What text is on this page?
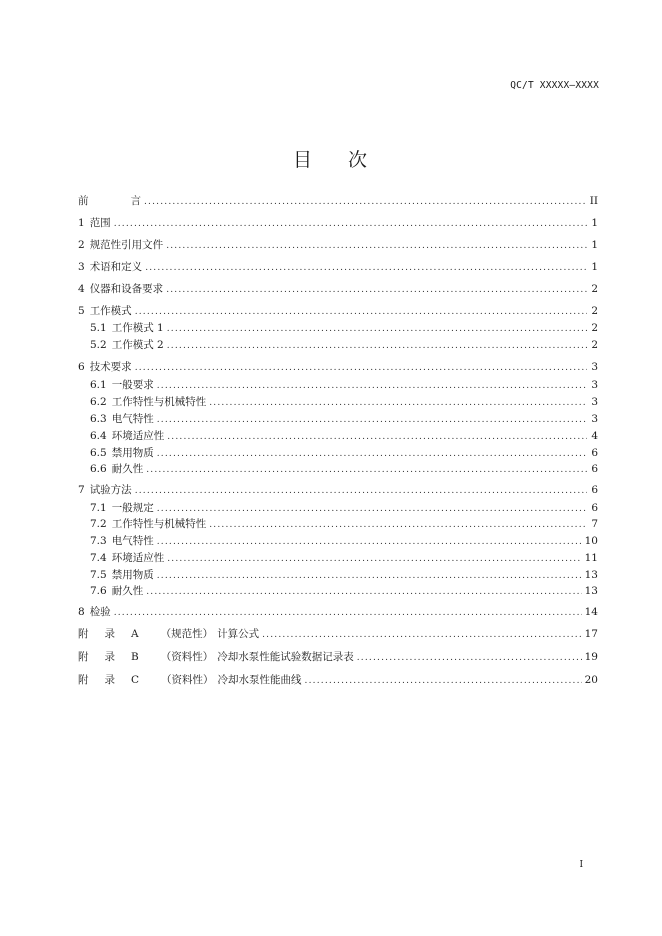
QC/T XXXXX—XXXX
目 次
前	言 .....	II
1 范围 .....	1
2 规范性引用文件 .....	1
3 术语和定义 .....	1
4 仪器和设备要求 .....	2
5 工作模式 .....	2
5.1 工作模式 1 .....	2
5.2 工作模式 2 .....	2
6 技术要求 .....	3
6.1 一般要求 .....	3
6.2 工作特性与机械特性 .....	3
6.3 电气特性 .....	3
6.4 环境适应性 .....	4
6.5 禁用物质 .....	6
6.6 耐久性 .....	6
7 试验方法 .....	6
7.1 一般规定 .....	6
7.2 工作特性与机械特性 .....	7
7.3 电气特性 .....	10
7.4 环境适应性 .....	11
7.5 禁用物质 .....	13
7.6 耐久性 .....	13
8 检验 .....	14
附 录 A （规范性） 计算公式 .....	17
附 录 B （资料性） 冷却水泵性能试验数据记录表 .....	19
附 录 C （资料性） 冷却水泵性能曲线 .....	20
I
